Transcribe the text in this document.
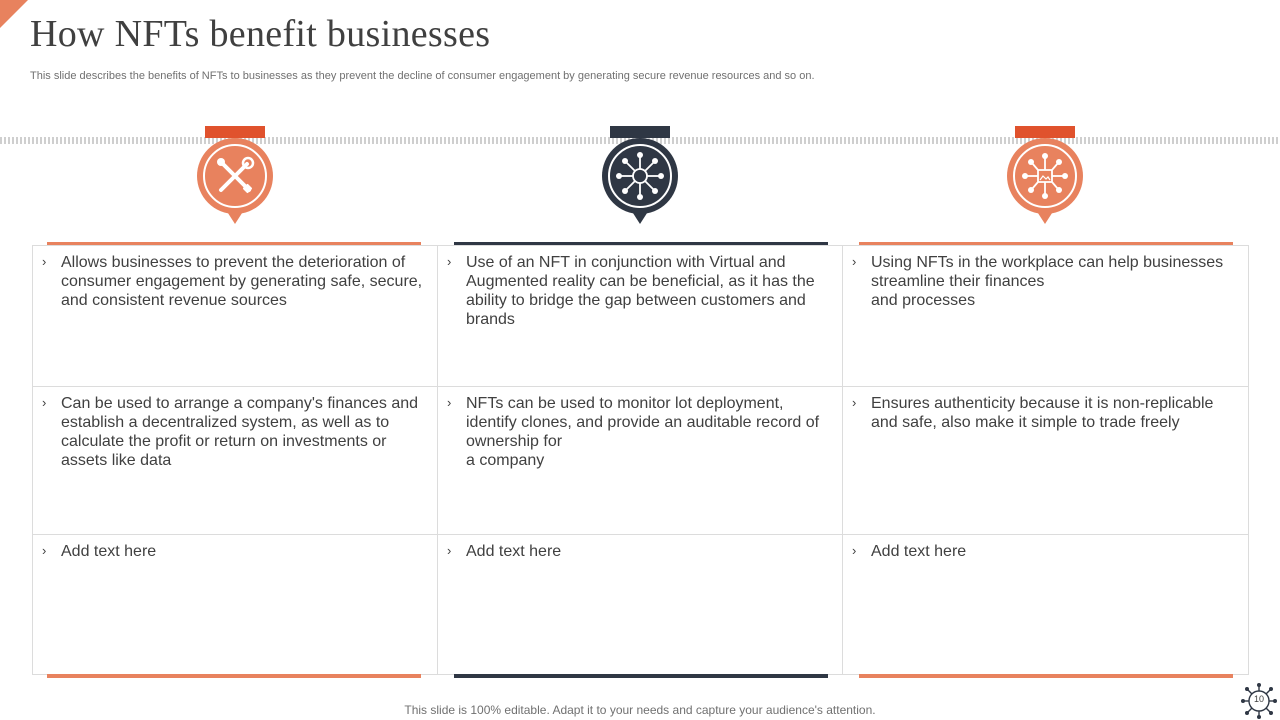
How NFTs benefit businesses

This slide describes the benefits of NFTs to businesses as they prevent the decline of consumer engagement by generating secure revenue resources and so on.

› Allows businesses to prevent the deterioration of consumer engagement by generating safe, secure, and consistent revenue sources
› Use of an NFT in conjunction with Virtual and Augmented reality can be beneficial, as it has the ability to bridge the gap between customers and brands
› Using NFTs in the workplace can help businesses streamline their finances
and processes
› Can be used to arrange a company's finances and establish a decentralized system, as well as to calculate the profit or return on investments or assets like data
› NFTs can be used to monitor lot deployment, identify clones, and provide an auditable record of ownership for
a company
› Ensures authenticity because it is non-replicable and safe, also make it simple to trade freely
› Add text here	› Add text here	› Add text here
This slide is 100% editable. Adapt it to your needs and capture your audience's attention.
10
